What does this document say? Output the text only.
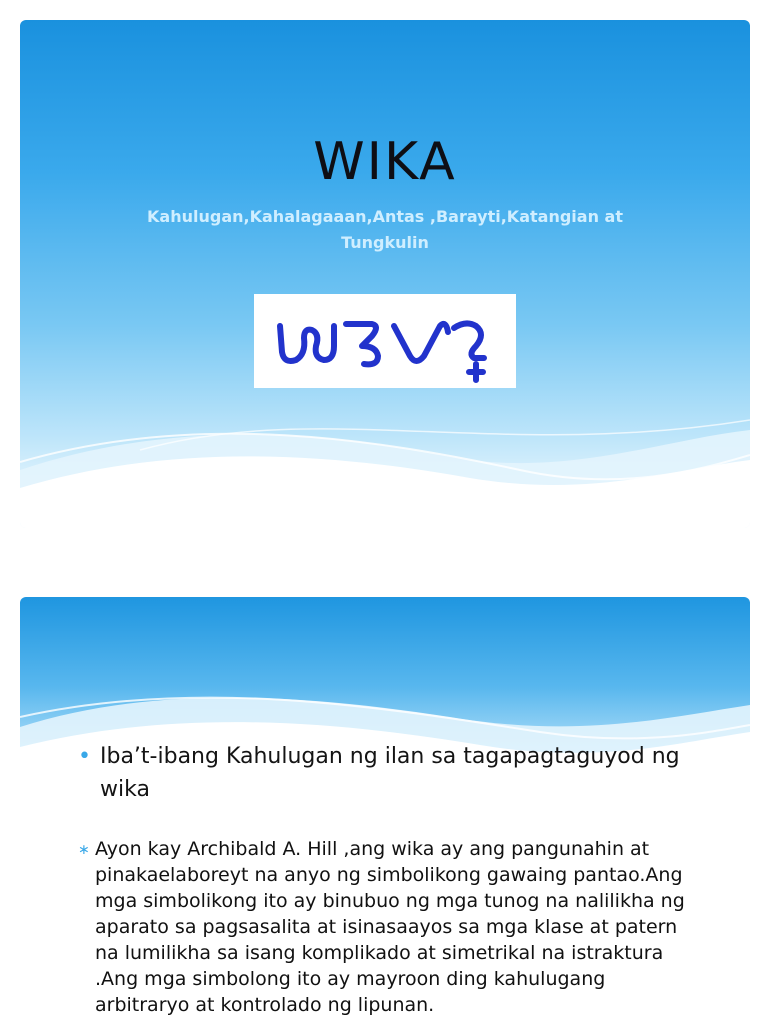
WIKA
Kahulugan,Kahalagaaan,Antas ,Barayti,Katangian at Tungkulin
• Iba’t-ibang Kahulugan ng ilan sa tagapagtaguyod ng wika
∗ Ayon kay Archibald A. Hill ,ang wika ay ang pangunahin at pinakaelaboreyt na anyo ng simbolikong gawaing pantao.Ang mga simbolikong ito ay binubuo ng mga tunog na nalilikha ng aparato sa pagsasalita at isinasaayos sa mga klase at patern na lumilikha sa isang komplikado at simetrikal na istraktura .Ang mga simbolong ito ay mayroon ding kahulugang arbitraryo at kontrolado ng lipunan.
